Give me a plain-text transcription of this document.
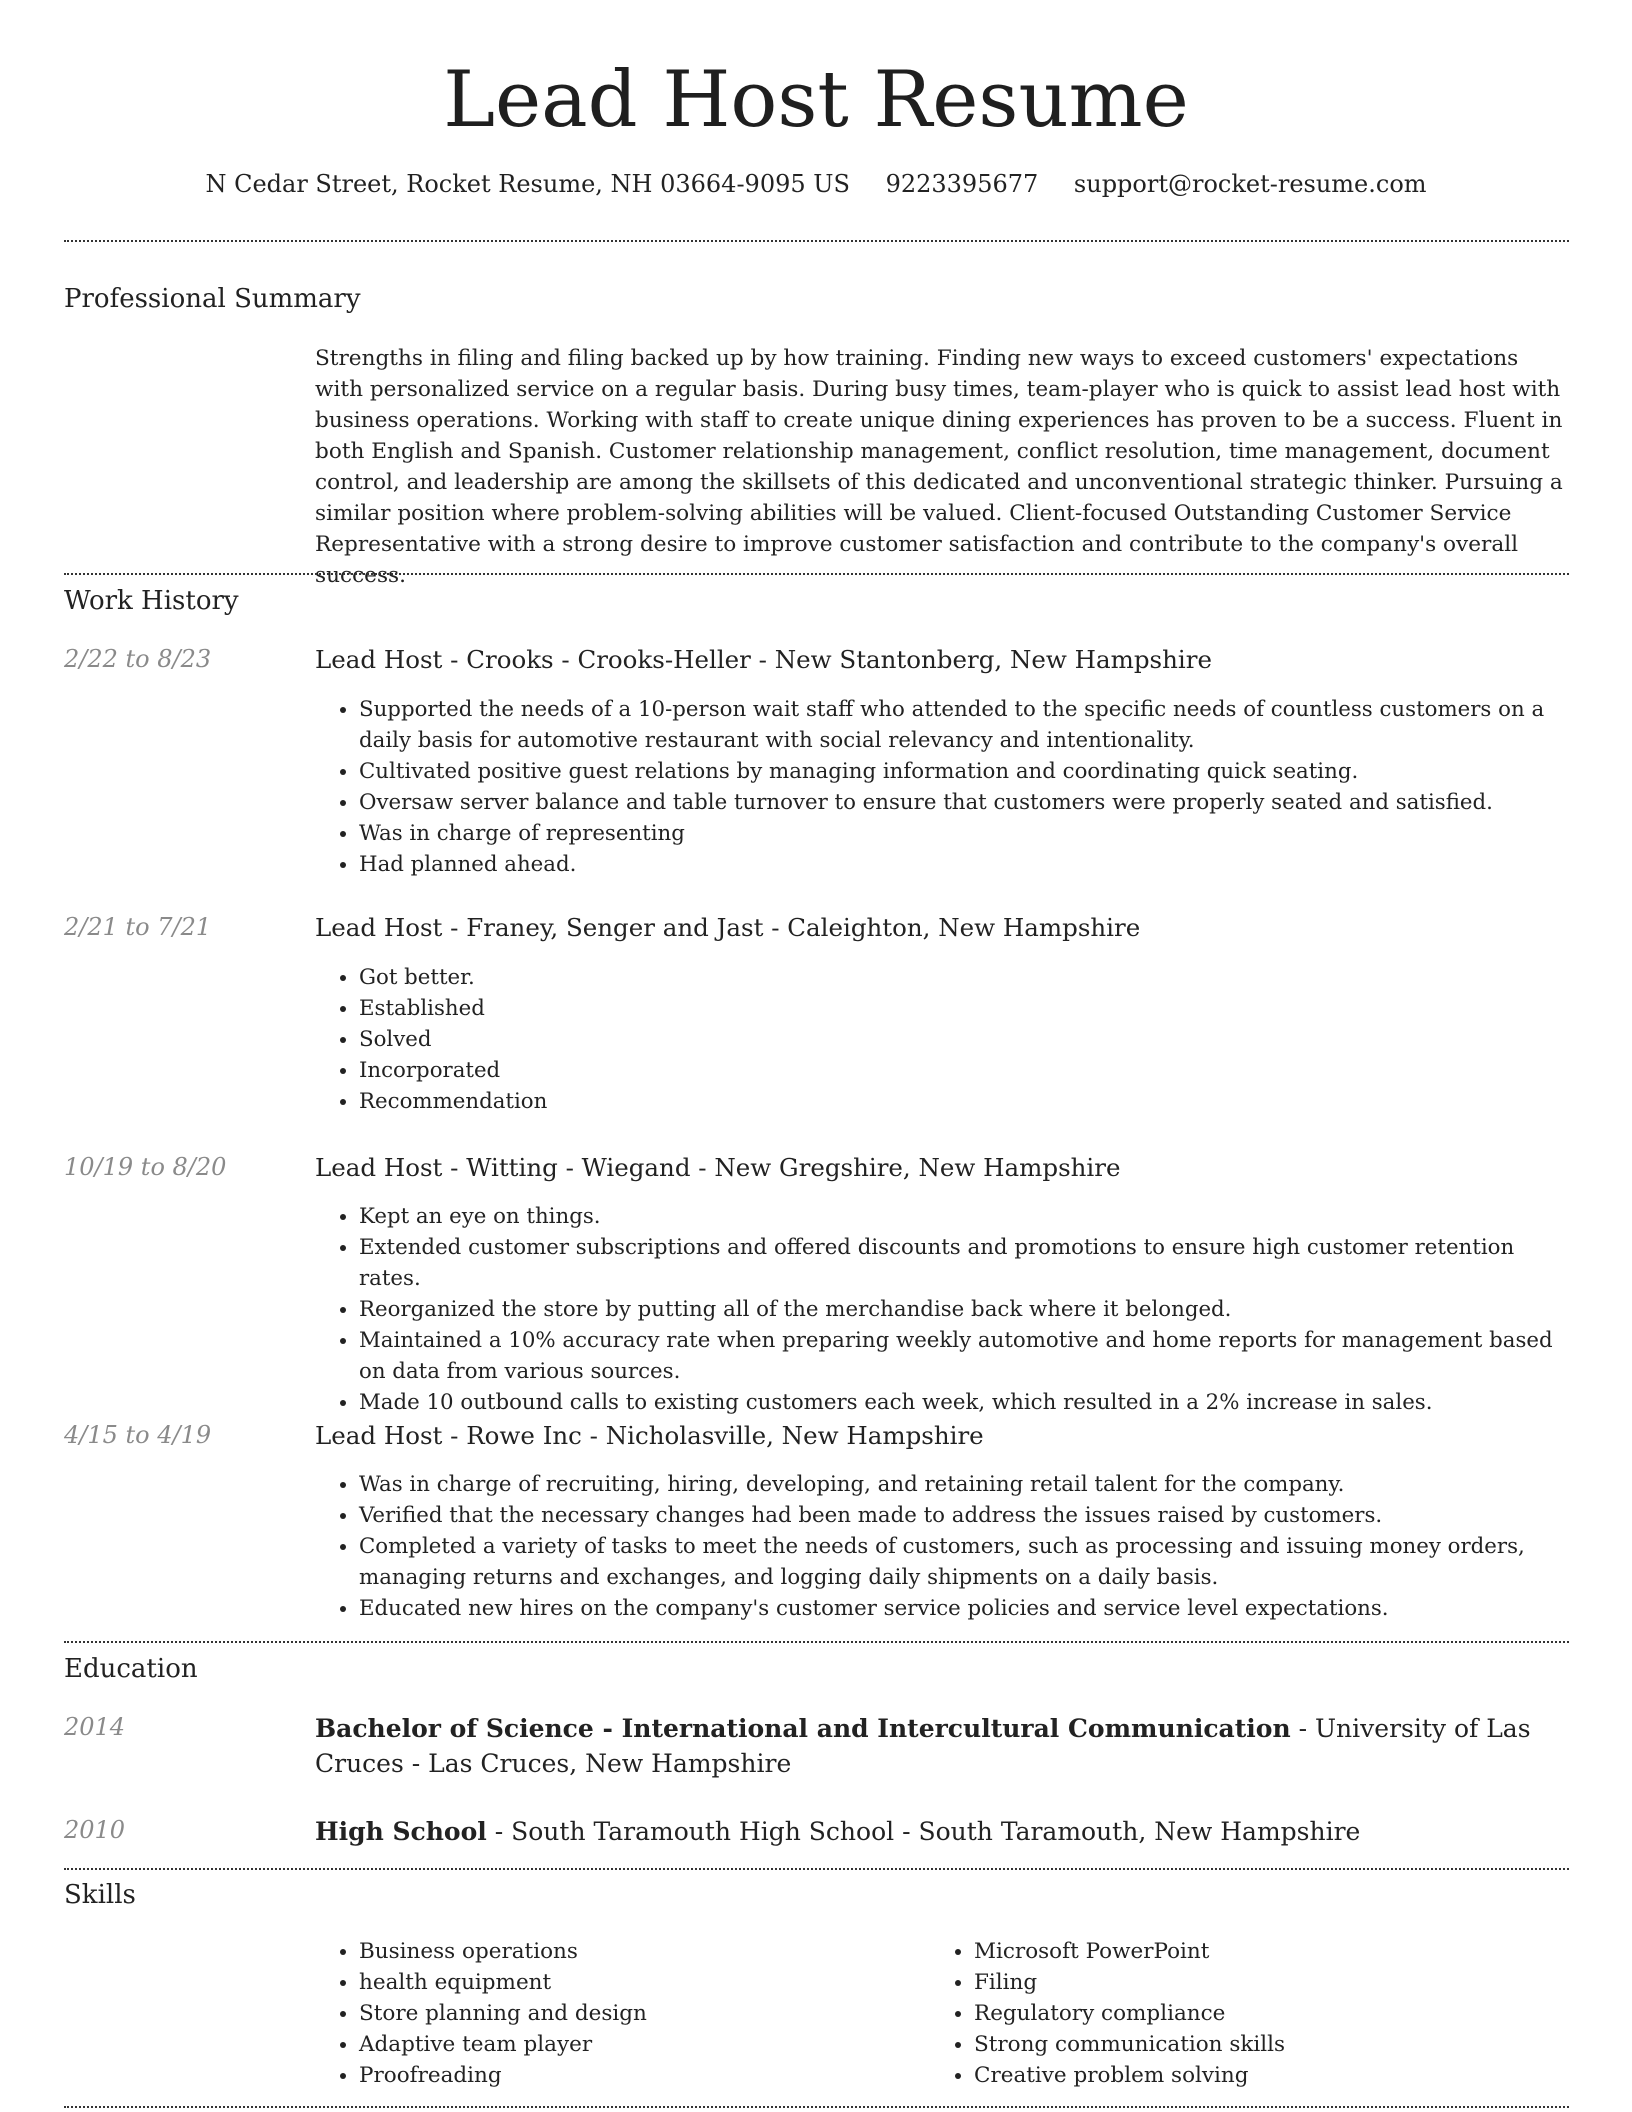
Lead Host Resume
N Cedar Street, Rocket Resume, NH 03664-9095 US 9223395677 support@rocket-resume.com
Professional Summary

Strengths in filing and filing backed up by how training. Finding new ways to exceed customers' expectations with personalized service on a regular basis. During busy times, team-player who is quick to assist lead host with business operations. Working with staff to create unique dining experiences has proven to be a success. Fluent in both English and Spanish. Customer relationship management, conflict resolution, time management, document control, and leadership are among the skillsets of this dedicated and unconventional strategic thinker. Pursuing a similar position where problem-solving abilities will be valued. Client-focused Outstanding Customer Service Representative with a strong desire to improve customer satisfaction and contribute to the company's overall success.

Work History
2/22 to 8/23	Lead Host - Crooks - Crooks-Heller - New Stantonberg, New Hampshire
• Supported the needs of a 10-person wait staff who attended to the specific needs of countless customers on a daily basis for automotive restaurant with social relevancy and intentionality.
• Cultivated positive guest relations by managing information and coordinating quick seating.
• Oversaw server balance and table turnover to ensure that customers were properly seated and satisfied.
• Was in charge of representing
• Had planned ahead.
2/21 to 7/21	Lead Host - Franey, Senger and Jast - Caleighton, New Hampshire
• Got better.
• Established
• Solved
• Incorporated
• Recommendation
10/19 to 8/20	Lead Host - Witting - Wiegand - New Gregshire, New Hampshire
• Kept an eye on things.
• Extended customer subscriptions and offered discounts and promotions to ensure high customer retention rates.
• Reorganized the store by putting all of the merchandise back where it belonged.
• Maintained a 10% accuracy rate when preparing weekly automotive and home reports for management based on data from various sources.
• Made 10 outbound calls to existing customers each week, which resulted in a 2% increase in sales.
4/15 to 4/19	Lead Host - Rowe Inc - Nicholasville, New Hampshire
• Was in charge of recruiting, hiring, developing, and retaining retail talent for the company.
• Verified that the necessary changes had been made to address the issues raised by customers.
• Completed a variety of tasks to meet the needs of customers, such as processing and issuing money orders, managing returns and exchanges, and logging daily shipments on a daily basis.
• Educated new hires on the company's customer service policies and service level expectations.
Education
2014	Bachelor of Science - International and Intercultural Communication - University of Las Cruces - Las Cruces, New Hampshire
2010	High School - South Taramouth High School - South Taramouth, New Hampshire
Skills
• Business operations
• health equipment
• Store planning and design
• Adaptive team player
• Proofreading
• Microsoft PowerPoint
• Filing
• Regulatory compliance
• Strong communication skills
• Creative problem solving
